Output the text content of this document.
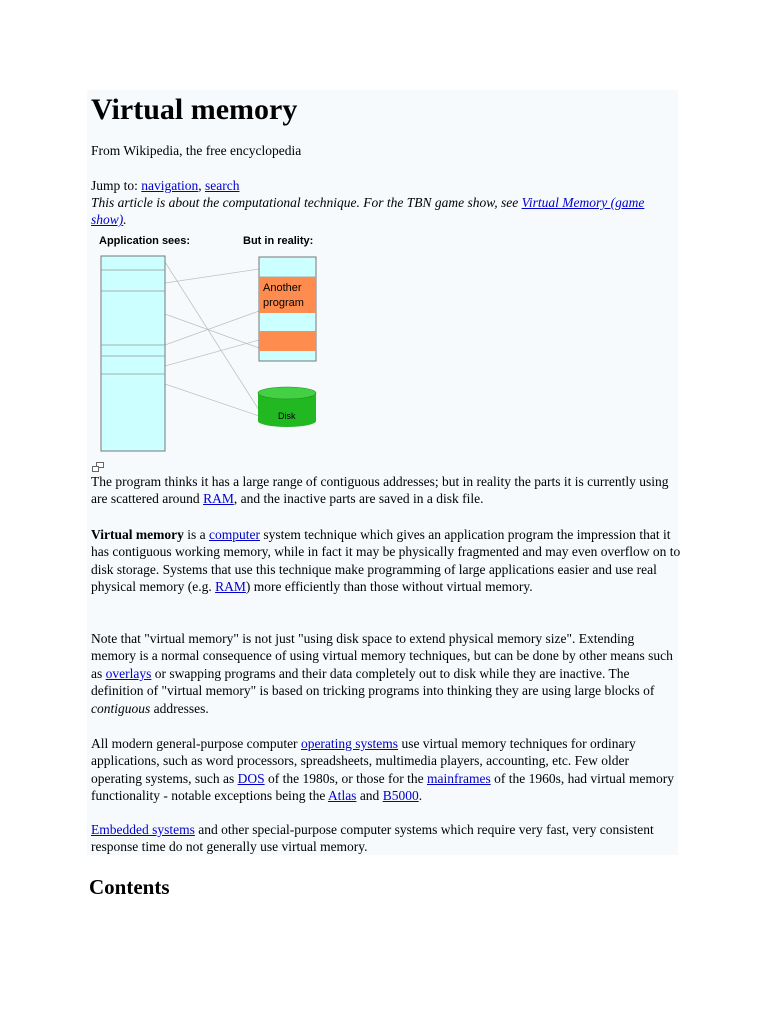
Virtual memory
From Wikipedia, the free encyclopedia
Jump to: navigation, search
This article is about the computational technique. For the TBN game show, see Virtual Memory (game show).
Application sees:	But in reality:
Another
program
Disk

The program thinks it has a large range of contiguous addresses; but in reality the parts it is currently using are scattered around RAM, and the inactive parts are saved in a disk file.

Virtual memory is a computer system technique which gives an application program the impression that it has contiguous working memory, while in fact it may be physically fragmented and may even overflow on to disk storage. Systems that use this technique make programming of large applications easier and use real physical memory (e.g. RAM) more efficiently than those without virtual memory.

Note that "virtual memory" is not just "using disk space to extend physical memory size". Extending memory is a normal consequence of using virtual memory techniques, but can be done by other means such as overlays or swapping programs and their data completely out to disk while they are inactive. The definition of "virtual memory" is based on tricking programs into thinking they are using large blocks of contiguous addresses.

All modern general-purpose computer operating systems use virtual memory techniques for ordinary applications, such as word processors, spreadsheets, multimedia players, accounting, etc. Few older operating systems, such as DOS of the 1980s, or those for the mainframes of the 1960s, had virtual memory functionality - notable exceptions being the Atlas and B5000.

Embedded systems and other special-purpose computer systems which require very fast, very consistent response time do not generally use virtual memory.

Contents
